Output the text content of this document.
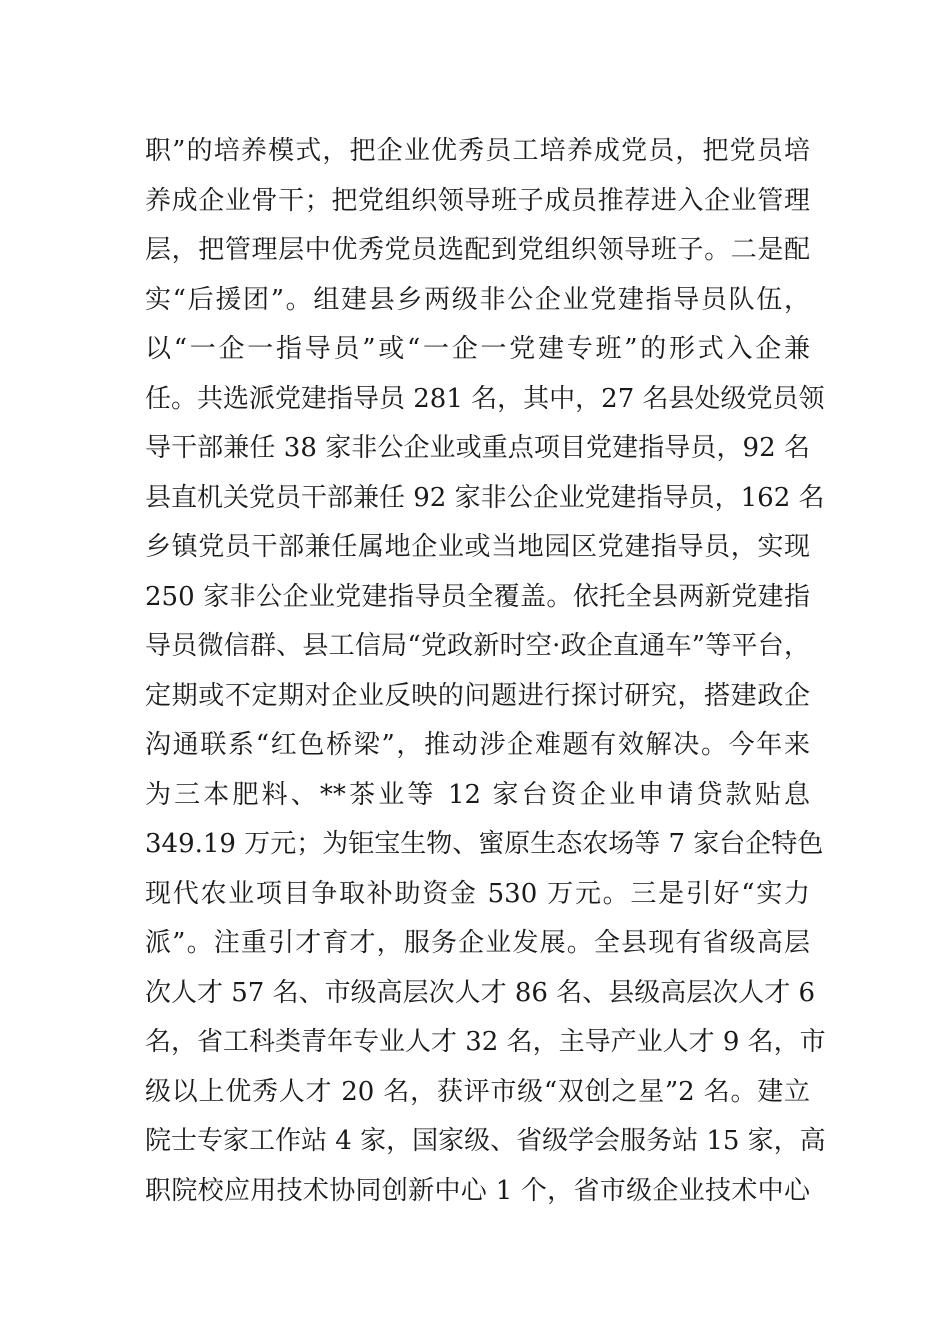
职”的培养模式，把企业优秀员工培养成党员，把党员培
养成企业骨干；把党组织领导班子成员推荐进入企业管理
层，把管理层中优秀党员选配到党组织领导班子。二是配
实“后援团”。组建县乡两级非公企业党建指导员队伍，
以“一企一指导员”或“一企一党建专班”的形式入企兼
任。共选派党建指导员 281 名，其中，27 名县处级党员领
导干部兼任 38 家非公企业或重点项目党建指导员，92 名
县直机关党员干部兼任 92 家非公企业党建指导员，162 名
乡镇党员干部兼任属地企业或当地园区党建指导员，实现
250 家非公企业党建指导员全覆盖。依托全县两新党建指
导员微信群、县工信局“党政新时空·政企直通车”等平台，
定期或不定期对企业反映的问题进行探讨研究，搭建政企
沟通联系“红色桥梁”，推动涉企难题有效解决。今年来
为三本肥料、**茶业等 12 家台资企业申请贷款贴息
349.19 万元；为钜宝生物、蜜原生态农场等 7 家台企特色
现代农业项目争取补助资金 530 万元。三是引好“实力
派”。注重引才育才，服务企业发展。全县现有省级高层
次人才 57 名、市级高层次人才 86 名、县级高层次人才 6
名，省工科类青年专业人才 32 名，主导产业人才 9 名，市
级以上优秀人才 20 名，获评市级“双创之星”2 名。建立
院士专家工作站 4 家，国家级、省级学会服务站 15 家，高
职院校应用技术协同创新中心 1 个，省市级企业技术中心
